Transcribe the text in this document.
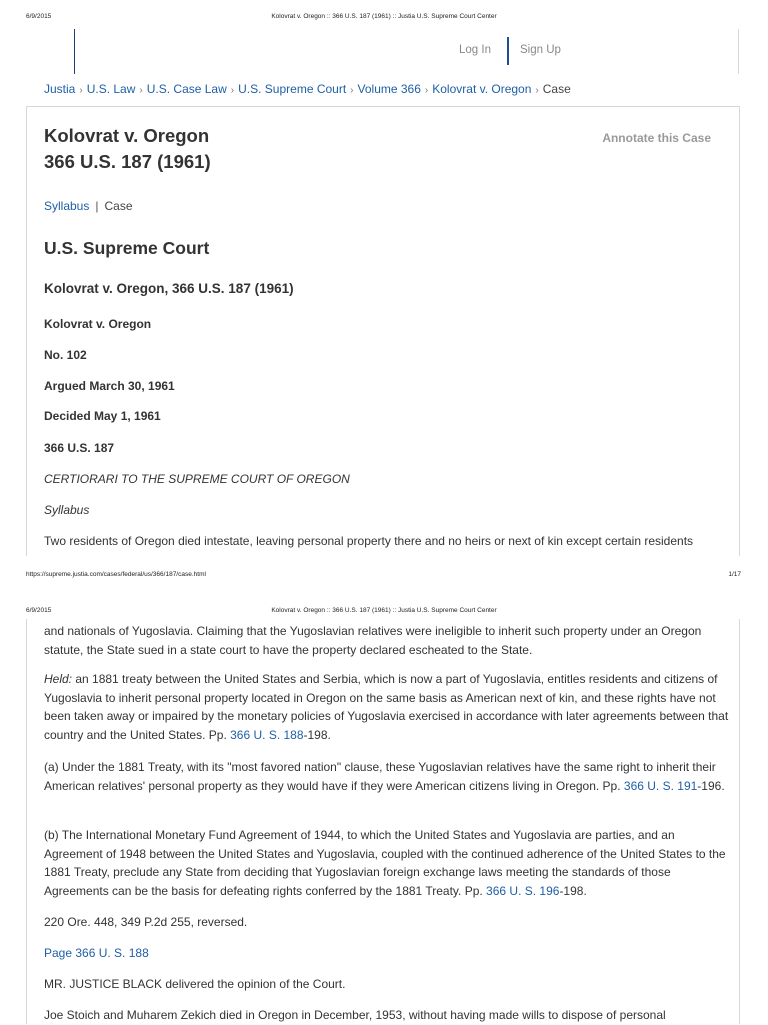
6/9/2015	Kolovrat v. Oregon :: 366 U.S. 187 (1961) :: Justia U.S. Supreme Court Center
Log In	Sign Up
Justia › U.S. Law › U.S. Case Law › U.S. Supreme Court › Volume 366 › Kolovrat v. Oregon › Case
Kolovrat v. Oregon
366 U.S. 187 (1961)
Annotate this Case
Syllabus | Case
U.S. Supreme Court
Kolovrat v. Oregon, 366 U.S. 187 (1961)
Kolovrat v. Oregon
No. 102
Argued March 30, 1961
Decided May 1, 1961
366 U.S. 187
CERTIORARI TO THE SUPREME COURT OF OREGON
Syllabus

Two residents of Oregon died intestate, leaving personal property there and no heirs or next of kin except certain residents

https://supreme.justia.com/cases/federal/us/366/187/case.html	1/17
6/9/2015	Kolovrat v. Oregon :: 366 U.S. 187 (1961) :: Justia U.S. Supreme Court Center

and nationals of Yugoslavia. Claiming that the Yugoslavian relatives were ineligible to inherit such property under an Oregon statute, the State sued in a state court to have the property declared escheated to the State.

Held: an 1881 treaty between the United States and Serbia, which is now a part of Yugoslavia, entitles residents and citizens of Yugoslavia to inherit personal property located in Oregon on the same basis as American next of kin, and these rights have not been taken away or impaired by the monetary policies of Yugoslavia exercised in accordance with later agreements between that country and the United States. Pp. 366 U. S. 188-198.

(a) Under the 1881 Treaty, with its "most favored nation" clause, these Yugoslavian relatives have the same right to inherit their American relatives' personal property as they would have if they were American citizens living in Oregon. Pp. 366 U. S. 191-196.

(b) The International Monetary Fund Agreement of 1944, to which the United States and Yugoslavia are parties, and an Agreement of 1948 between the United States and Yugoslavia, coupled with the continued adherence of the United States to the 1881 Treaty, preclude any State from deciding that Yugoslavian foreign exchange laws meeting the standards of those Agreements can be the basis for defeating rights conferred by the 1881 Treaty. Pp. 366 U. S. 196-198.

220 Ore. 448, 349 P.2d 255, reversed.

Page 366 U. S. 188

MR. JUSTICE BLACK delivered the opinion of the Court.

Joe Stoich and Muharem Zekich died in Oregon in December, 1953, without having made wills to dispose of personal
